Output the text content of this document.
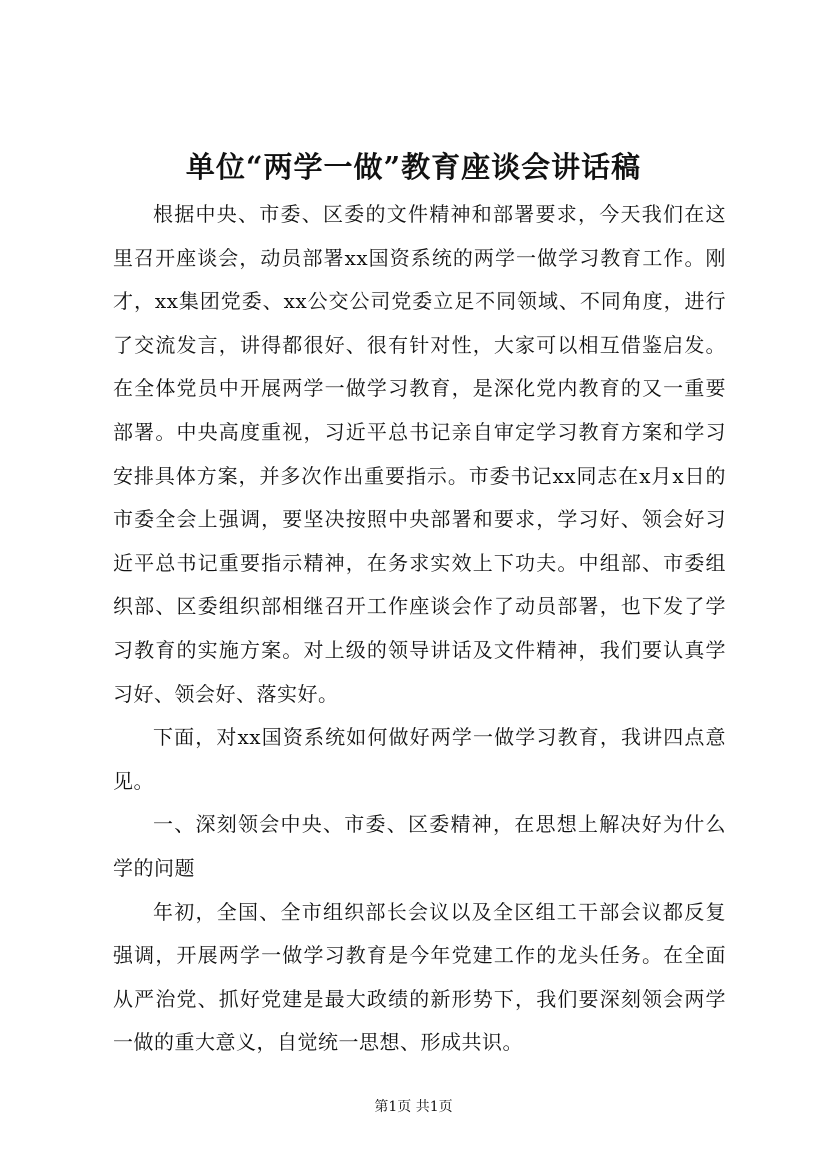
单位“两学一做”教育座谈会讲话稿

根据中央、市委、区委的文件精神和部署要求，今天我们在这里召开座谈会，动员部署xx国资系统的两学一做学习教育工作。刚才，xx集团党委、xx公交公司党委立足不同领域、不同角度，进行了交流发言，讲得都很好、很有针对性，大家可以相互借鉴启发。在全体党员中开展两学一做学习教育，是深化党内教育的又一重要部署。中央高度重视，习近平总书记亲自审定学习教育方案和学习安排具体方案，并多次作出重要指示。市委书记xx同志在x月x日的市委全会上强调，要坚决按照中央部署和要求，学习好、领会好习近平总书记重要指示精神，在务求实效上下功夫。中组部、市委组织部、区委组织部相继召开工作座谈会作了动员部署，也下发了学习教育的实施方案。对上级的领导讲话及文件精神，我们要认真学习好、领会好、落实好。

下面，对xx国资系统如何做好两学一做学习教育，我讲四点意见。

一、深刻领会中央、市委、区委精神，在思想上解决好为什么学的问题

年初，全国、全市组织部长会议以及全区组工干部会议都反复强调，开展两学一做学习教育是今年党建工作的龙头任务。在全面从严治党、抓好党建是最大政绩的新形势下，我们要深刻领会两学一做的重大意义，自觉统一思想、形成共识。

第1页 共1页
